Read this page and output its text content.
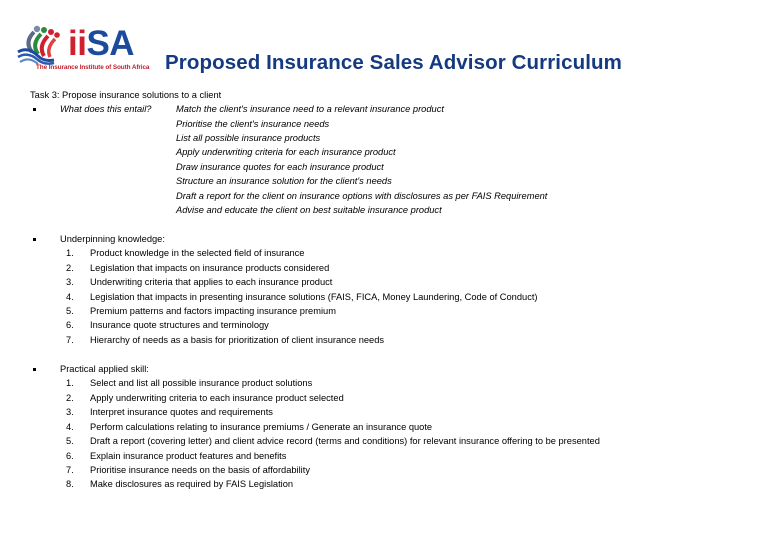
iiSA
The Insurance Institute of South Africa Proposed Insurance Sales Advisor Curriculum
Task 3: Propose insurance solutions to a client
What does this entail?	Match the client's insurance need to a relevant insurance product
Prioritise the client's insurance needs
List all possible insurance products
Apply underwriting criteria for each insurance product
Draw insurance quotes for each insurance product
Structure an insurance solution for the client's needs
Draft a report for the client on insurance options with disclosures as per FAIS Requirement
Advise and educate the client on best suitable insurance product
Underpinning knowledge:
1. Product knowledge in the selected field of insurance
2. Legislation that impacts on insurance products considered
3. Underwriting criteria that applies to each insurance product
4. Legislation that impacts in presenting insurance solutions (FAIS, FICA, Money Laundering, Code of Conduct)
5. Premium patterns and factors impacting insurance premium
6. Insurance quote structures and terminology
7. Hierarchy of needs as a basis for prioritization of client insurance needs
Practical applied skill:
1. Select and list all possible insurance product solutions
2. Apply underwriting criteria to each insurance product selected
3. Interpret insurance quotes and requirements
4. Perform calculations relating to insurance premiums / Generate an insurance quote
5. Draft a report (covering letter) and client advice record (terms and conditions) for relevant insurance offering to be presented
6. Explain insurance product features and benefits
7. Prioritise insurance needs on the basis of affordability
8. Make disclosures as required by FAIS Legislation
